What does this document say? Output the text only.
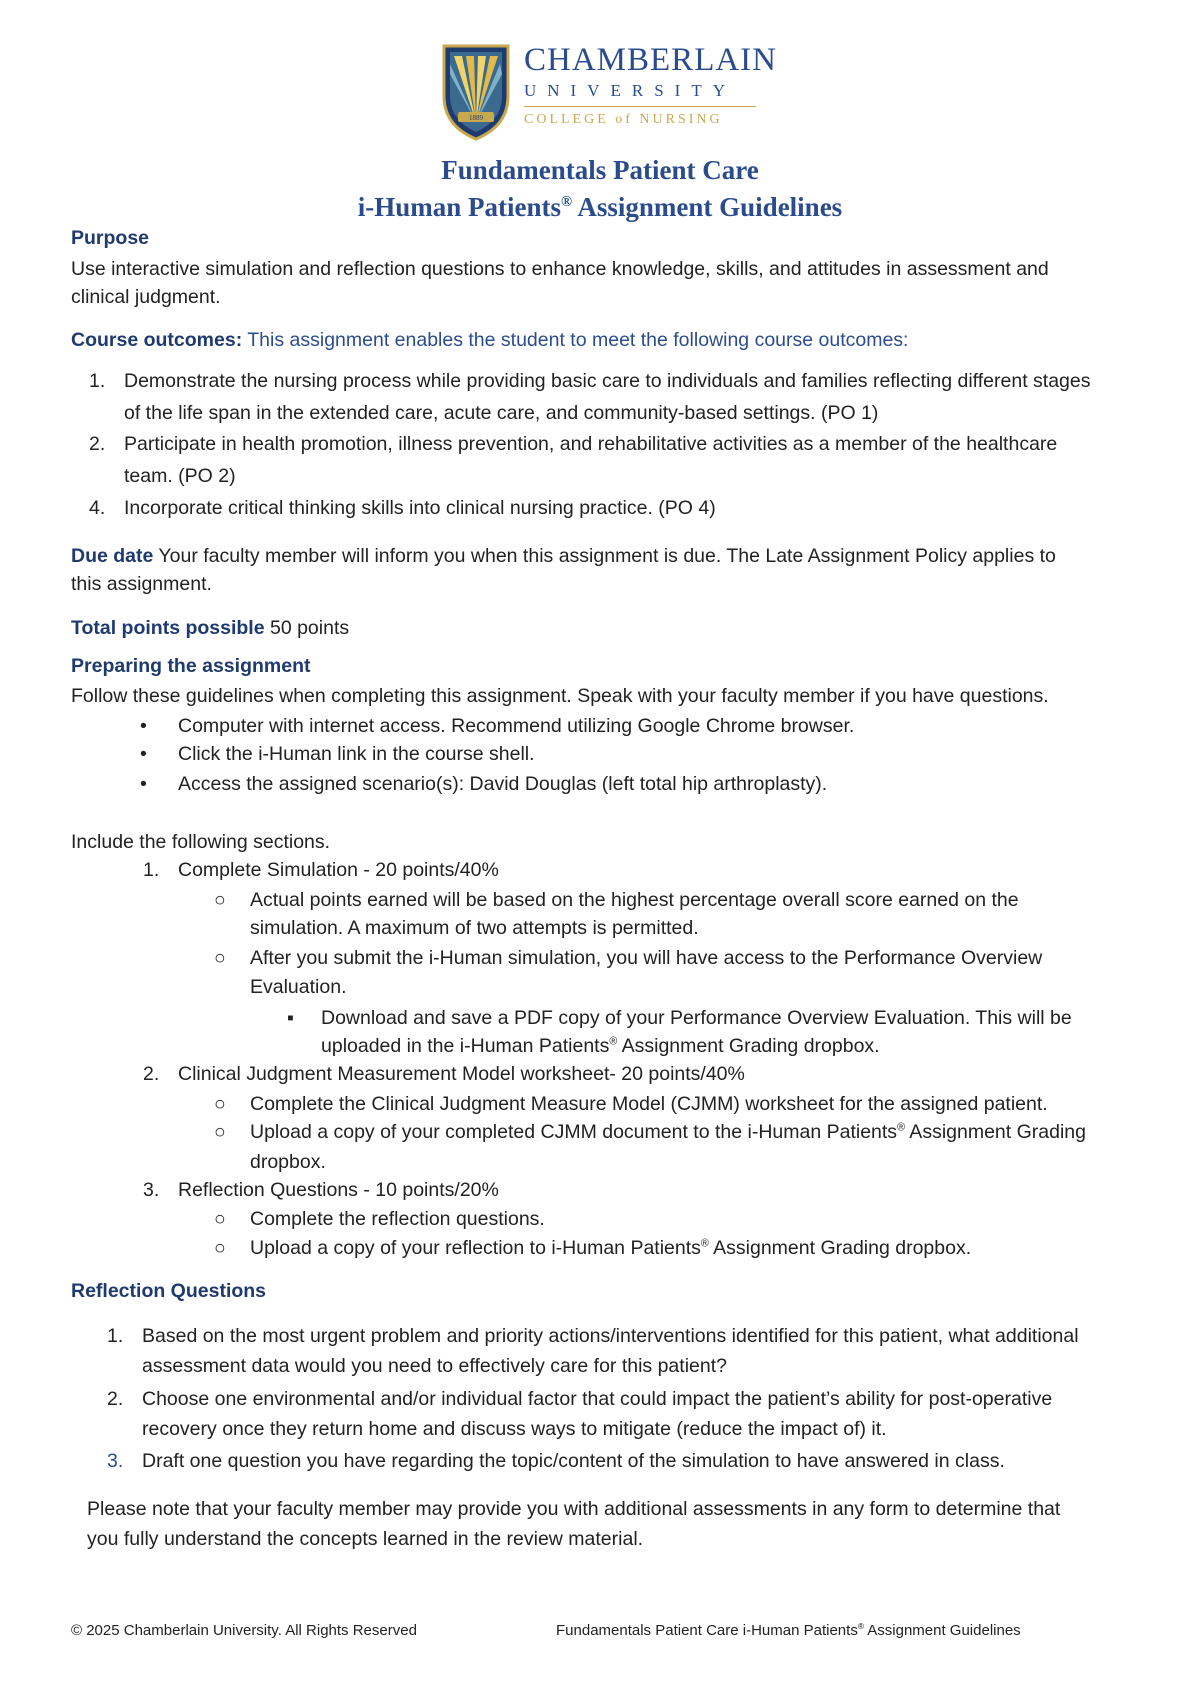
1889
CHAMBERLAIN
UNIVERSITY
COLLEGE of NURSING
Fundamentals Patient Care
i-Human Patients® Assignment Guidelines
Purpose
Use interactive simulation and reflection questions to enhance knowledge, skills, and attitudes in assessment and
clinical judgment.
Course outcomes: This assignment enables the student to meet the following course outcomes:
1. Demonstrate the nursing process while providing basic care to individuals and families reflecting different stages
of the life span in the extended care, acute care, and community-based settings. (PO 1)
2. Participate in health promotion, illness prevention, and rehabilitative activities as a member of the healthcare
team. (PO 2)
4. Incorporate critical thinking skills into clinical nursing practice. (PO 4)
Due date Your faculty member will inform you when this assignment is due. The Late Assignment Policy applies to
this assignment.
Total points possible 50 points
Preparing the assignment
Follow these guidelines when completing this assignment. Speak with your faculty member if you have questions.
• Computer with internet access. Recommend utilizing Google Chrome browser.
• Click the i-Human link in the course shell.
• Access the assigned scenario(s): David Douglas (left total hip arthroplasty).
Include the following sections.
1. Complete Simulation - 20 points/40%
○ Actual points earned will be based on the highest percentage overall score earned on the
simulation. A maximum of two attempts is permitted.
○ After you submit the i-Human simulation, you will have access to the Performance Overview
Evaluation.
▪ Download and save a PDF copy of your Performance Overview Evaluation. This will be
uploaded in the i-Human Patients® Assignment Grading dropbox.
2. Clinical Judgment Measurement Model worksheet- 20 points/40%
○ Complete the Clinical Judgment Measure Model (CJMM) worksheet for the assigned patient.
○ Upload a copy of your completed CJMM document to the i-Human Patients® Assignment Grading
dropbox.
3. Reflection Questions - 10 points/20%
○ Complete the reflection questions.
○ Upload a copy of your reflection to i-Human Patients® Assignment Grading dropbox.
Reflection Questions
1. Based on the most urgent problem and priority actions/interventions identified for this patient, what additional
assessment data would you need to effectively care for this patient?
2. Choose one environmental and/or individual factor that could impact the patient’s ability for post-operative
recovery once they return home and discuss ways to mitigate (reduce the impact of) it.
3. Draft one question you have regarding the topic/content of the simulation to have answered in class.
Please note that your faculty member may provide you with additional assessments in any form to determine that
you fully understand the concepts learned in the review material.
© 2025 Chamberlain University. All Rights Reserved	Fundamentals Patient Care i-Human Patients® Assignment Guidelines
